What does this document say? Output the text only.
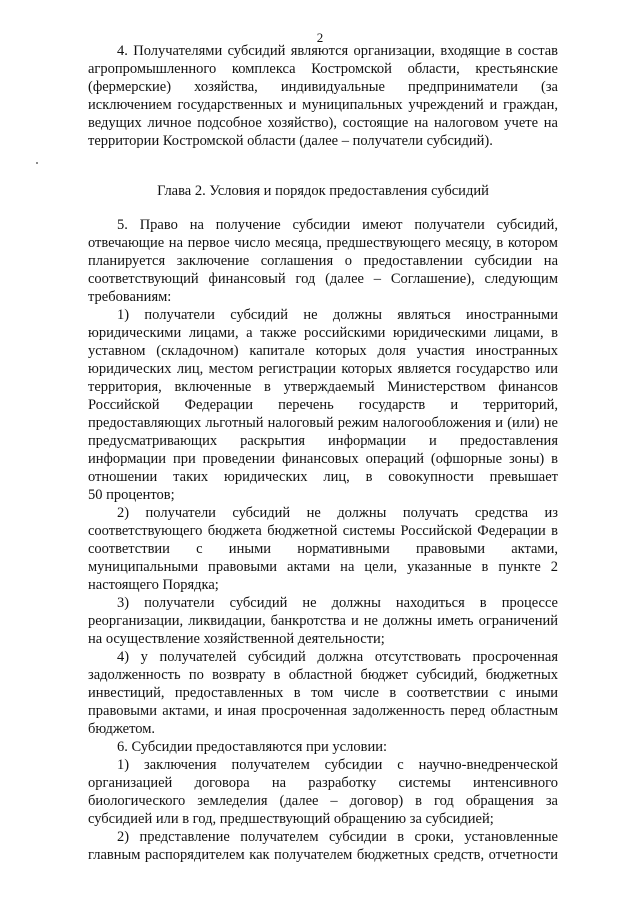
2
4. Получателями субсидий являются организации, входящие в состав
агропромышленного комплекса Костромской области, крестьянские
(фермерские) хозяйства, индивидуальные предприниматели (за
исключением государственных и муниципальных учреждений и граждан,
ведущих личное подсобное хозяйство), состоящие на налоговом учете на
территории Костромской области (далее – получатели субсидий).
Глава 2. Условия и порядок предоставления субсидий
5. Право на получение субсидии имеют получатели субсидий,
отвечающие на первое число месяца, предшествующего месяцу, в котором
планируется заключение соглашения о предоставлении субсидии на
соответствующий финансовый год (далее – Соглашение), следующим
требованиям:
1) получатели субсидий не должны являться иностранными
юридическими лицами, а также российскими юридическими лицами, в
уставном (складочном) капитале которых доля участия иностранных
юридических лиц, местом регистрации которых является государство или
территория, включенные в утверждаемый Министерством финансов
Российской Федерации перечень государств и территорий,
предоставляющих льготный налоговый режим налогообложения и (или) не
предусматривающих раскрытия информации и предоставления
информации при проведении финансовых операций (офшорные зоны) в
отношении таких юридических лиц, в совокупности превышает
50 процентов;
2) получатели субсидий не должны получать средства из
соответствующего бюджета бюджетной системы Российской Федерации в
соответствии с иными нормативными правовыми актами,
муниципальными правовыми актами на цели, указанные в пункте 2
настоящего Порядка;
3) получатели субсидий не должны находиться в процессе
реорганизации, ликвидации, банкротства и не должны иметь ограничений
на осуществление хозяйственной деятельности;
4) у получателей субсидий должна отсутствовать просроченная
задолженность по возврату в областной бюджет субсидий, бюджетных
инвестиций, предоставленных в том числе в соответствии с иными
правовыми актами, и иная просроченная задолженность перед областным
бюджетом.
6. Субсидии предоставляются при условии:
1) заключения получателем субсидии с научно-внедренческой
организацией договора на разработку системы интенсивного
биологического земледелия (далее – договор) в год обращения за
субсидией или в год, предшествующий обращению за субсидией;
2) представление получателем субсидии в сроки, установленные
главным распорядителем как получателем бюджетных средств, отчетности
